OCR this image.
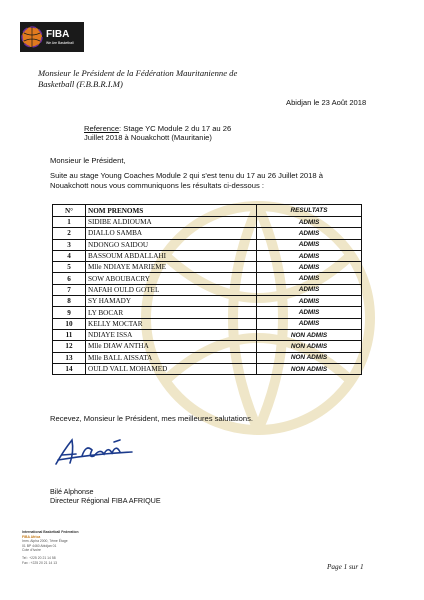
FIBA
We Are Basketball
Monsieur le Président de la Fédération Mauritanienne de
Basketball (F.B.B.R.I.M)
Abidjan le 23 Août 2018
Reference: Stage YC Module 2 du 17 au 26
Juillet 2018 à Nouakchott (Mauritanie)
Monsieur le Président,
Suite au stage Young Coaches Module 2 qui s'est tenu du 17 au 26 Juillet 2018 à
Nouakchott nous vous communiquons les résultats ci-dessous :
N°	NOM PRENOMS	RESULTATS
1	SIDIBE ALDIOUMA	ADMIS
2	DIALLO SAMBA	ADMIS
3	NDONGO SAIDOU	ADMIS
4	BASSOUM ABDALLAHI	ADMIS
5	Mlle NDIAYE MARIEME	ADMIS
6	SOW ABOUBACRY	ADMIS
7	NAFAH OULD GOTEL	ADMIS
8	SY HAMADY	ADMIS
9	LY BOCAR	ADMIS
10	KELLY MOCTAR	ADMIS
11	NDIAYE ISSA	NON ADMIS
12	Mlle DIAW ANTHA	NON ADMIS
13	Mlle BALL AISSATA	NON ADMIS
14	OULD VALL MOHAMED	NON ADMIS
Recevez, Monsieur le Président, mes meilleures salutations.
Bilé Alphonse
Directeur Régional FIBA AFRIQUE
International Basketball Federation
FIBA Africa
Imm. Alpha 2000, 7ème Étage
01 BP 4460 Abidjan 01
Cote d'Ivoire
Tel : +225 20 21 14 58
Fax : +225 20 21 14 13
Page 1 sur 1
